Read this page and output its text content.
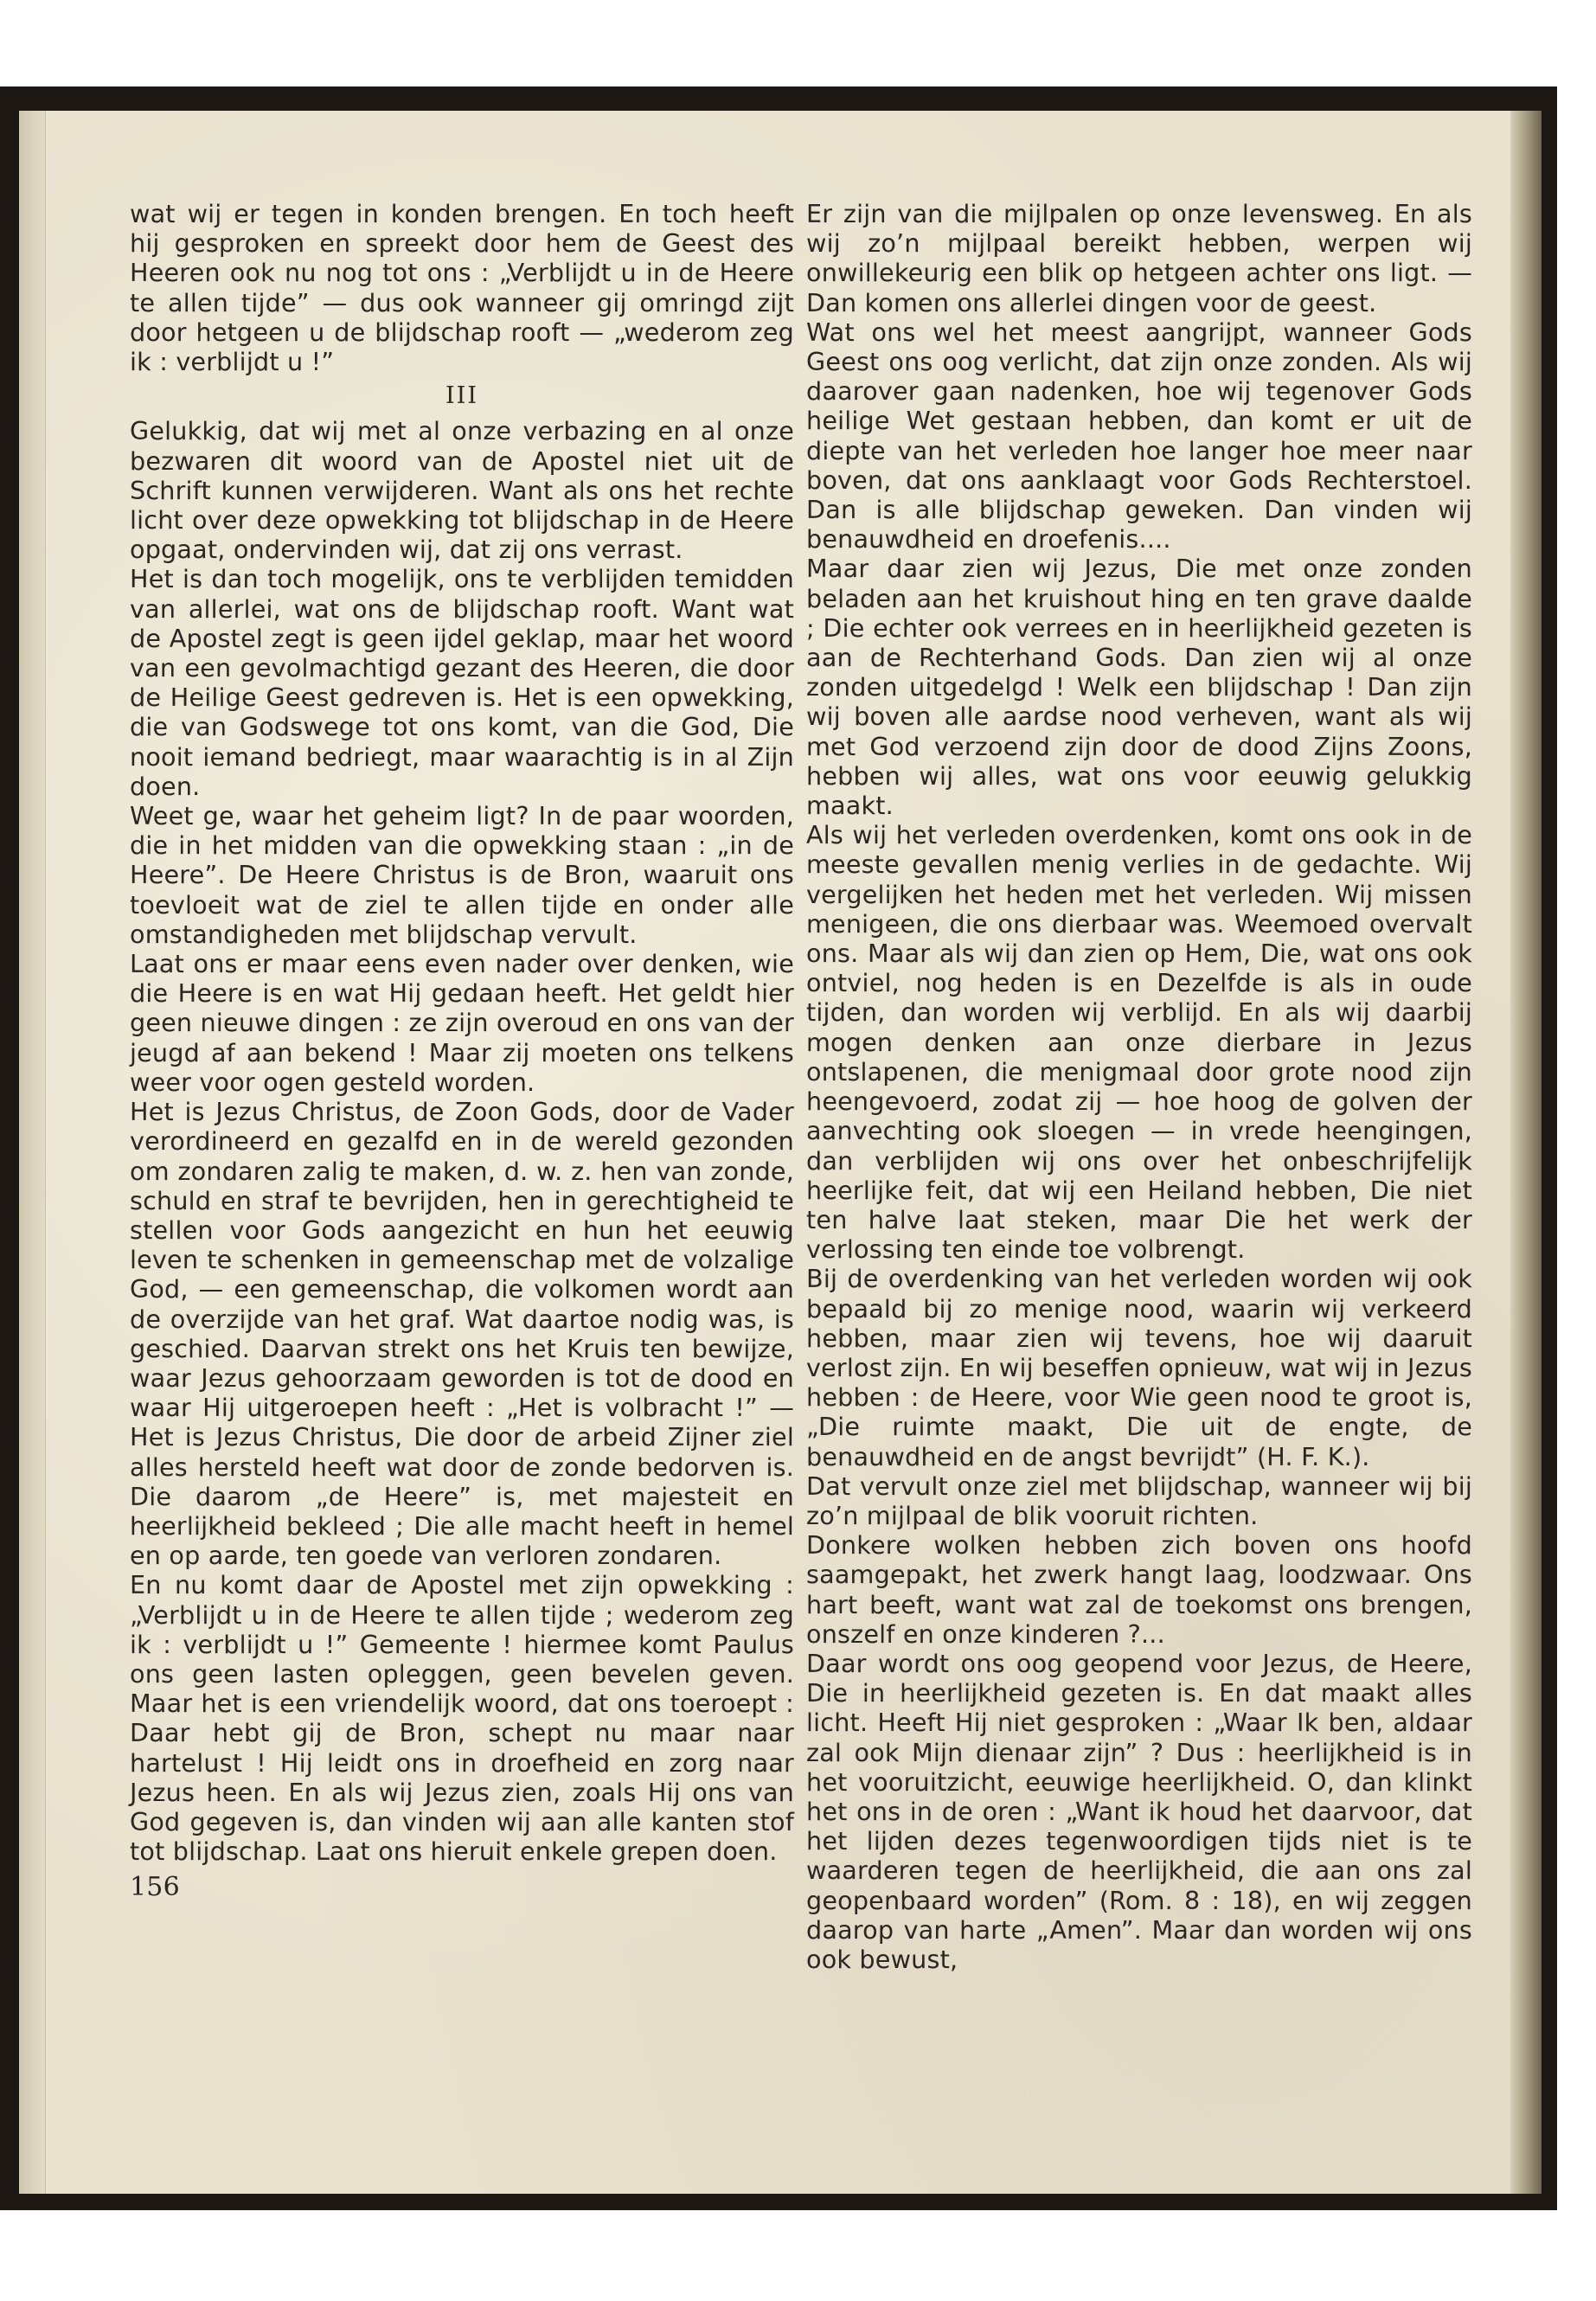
wat wij er tegen in konden brengen. En toch heeft hij gesproken en spreekt door hem de Geest des Heeren ook nu nog tot ons : „Verblijdt u in de Heere te allen tijde” — dus ook wanneer gij omringd zijt door hetgeen u de blijdschap rooft — „wederom zeg ik : verblijdt u !”

III

Gelukkig, dat wij met al onze verbazing en al onze bezwaren dit woord van de Apostel niet uit de Schrift kunnen verwijderen. Want als ons het rechte licht over deze opwekking tot blijdschap in de Heere opgaat, ondervinden wij, dat zij ons verrast.

Het is dan toch mogelijk, ons te verblijden temidden van allerlei, wat ons de blijdschap rooft. Want wat de Apostel zegt is geen ijdel geklap, maar het woord van een gevolmachtigd gezant des Heeren, die door de Heilige Geest gedreven is. Het is een opwekking, die van Godswege tot ons komt, van die God, Die nooit iemand bedriegt, maar waarachtig is in al Zijn doen.

Weet ge, waar het geheim ligt? In de paar woorden, die in het midden van die opwekking staan : „in de Heere”. De Heere Christus is de Bron, waaruit ons toevloeit wat de ziel te allen tijde en onder alle omstandigheden met blijdschap vervult.

Laat ons er maar eens even nader over denken, wie die Heere is en wat Hij gedaan heeft. Het geldt hier geen nieuwe dingen : ze zijn overoud en ons van der jeugd af aan bekend ! Maar zij moeten ons telkens weer voor ogen gesteld worden.

Het is Jezus Christus, de Zoon Gods, door de Vader verordineerd en gezalfd en in de wereld gezonden om zondaren zalig te maken, d. w. z. hen van zonde, schuld en straf te bevrijden, hen in gerechtigheid te stellen voor Gods aangezicht en hun het eeuwig leven te schenken in gemeenschap met de volzalige God, — een gemeenschap, die volkomen wordt aan de overzijde van het graf. Wat daartoe nodig was, is geschied. Daarvan strekt ons het Kruis ten bewijze, waar Jezus gehoorzaam geworden is tot de dood en waar Hij uitgeroepen heeft : „Het is volbracht !” — Het is Jezus Christus, Die door de arbeid Zijner ziel alles hersteld heeft wat door de zonde bedorven is. Die daarom „de Heere” is, met majesteit en heerlijkheid bekleed ; Die alle macht heeft in hemel en op aarde, ten goede van verloren zondaren.

En nu komt daar de Apostel met zijn opwekking : „Verblijdt u in de Heere te allen tijde ; wederom zeg ik : verblijdt u !” Gemeente ! hiermee komt Paulus ons geen lasten opleggen, geen bevelen geven. Maar het is een vriendelijk woord, dat ons toeroept : Daar hebt gij de Bron, schept nu maar naar hartelust ! Hij leidt ons in droefheid en zorg naar Jezus heen. En als wij Jezus zien, zoals Hij ons van God gegeven is, dan vinden wij aan alle kanten stof tot blijdschap. Laat ons hieruit enkele grepen doen.

156

Er zijn van die mijlpalen op onze levensweg. En als wij zo’n mijlpaal bereikt hebben, werpen wij onwillekeurig een blik op hetgeen achter ons ligt. — Dan komen ons allerlei dingen voor de geest.

Wat ons wel het meest aangrijpt, wanneer Gods Geest ons oog verlicht, dat zijn onze zonden. Als wij daarover gaan nadenken, hoe wij tegenover Gods heilige Wet gestaan hebben, dan komt er uit de diepte van het verleden hoe langer hoe meer naar boven, dat ons aanklaagt voor Gods Rechterstoel. Dan is alle blijdschap geweken. Dan vinden wij benauwdheid en droefenis....

Maar daar zien wij Jezus, Die met onze zonden beladen aan het kruishout hing en ten grave daalde ; Die echter ook verrees en in heerlijkheid gezeten is aan de Rechterhand Gods. Dan zien wij al onze zonden uitgedelgd ! Welk een blijdschap ! Dan zijn wij boven alle aardse nood verheven, want als wij met God verzoend zijn door de dood Zijns Zoons, hebben wij alles, wat ons voor eeuwig gelukkig maakt.

Als wij het verleden overdenken, komt ons ook in de meeste gevallen menig verlies in de gedachte. Wij vergelijken het heden met het verleden. Wij missen menigeen, die ons dierbaar was. Weemoed overvalt ons. Maar als wij dan zien op Hem, Die, wat ons ook ontviel, nog heden is en Dezelfde is als in oude tijden, dan worden wij verblijd. En als wij daarbij mogen denken aan onze dierbare in Jezus ontslapenen, die menigmaal door grote nood zijn heengevoerd, zodat zij — hoe hoog de golven der aanvechting ook sloegen — in vrede heengingen, dan verblijden wij ons over het onbeschrijfelijk heerlijke feit, dat wij een Heiland hebben, Die niet ten halve laat steken, maar Die het werk der verlossing ten einde toe volbrengt.

Bij de overdenking van het verleden worden wij ook bepaald bij zo menige nood, waarin wij verkeerd hebben, maar zien wij tevens, hoe wij daaruit verlost zijn. En wij beseffen opnieuw, wat wij in Jezus hebben : de Heere, voor Wie geen nood te groot is, „Die ruimte maakt, Die uit de engte, de benauwdheid en de angst bevrijdt” (H. F. K.).

Dat vervult onze ziel met blijdschap, wanneer wij bij zo’n mijlpaal de blik vooruit richten.

Donkere wolken hebben zich boven ons hoofd saamgepakt, het zwerk hangt laag, loodzwaar. Ons hart beeft, want wat zal de toekomst ons brengen, onszelf en onze kinderen ?...

Daar wordt ons oog geopend voor Jezus, de Heere, Die in heerlijkheid gezeten is. En dat maakt alles licht. Heeft Hij niet gesproken : „Waar Ik ben, aldaar zal ook Mijn dienaar zijn” ? Dus : heerlijkheid is in het vooruitzicht, eeuwige heerlijkheid. O, dan klinkt het ons in de oren : „Want ik houd het daarvoor, dat het lijden dezes tegenwoordigen tijds niet is te waarderen tegen de heerlijkheid, die aan ons zal geopenbaard worden” (Rom. 8 : 18), en wij zeggen daarop van harte „Amen”. Maar dan worden wij ons ook bewust,
